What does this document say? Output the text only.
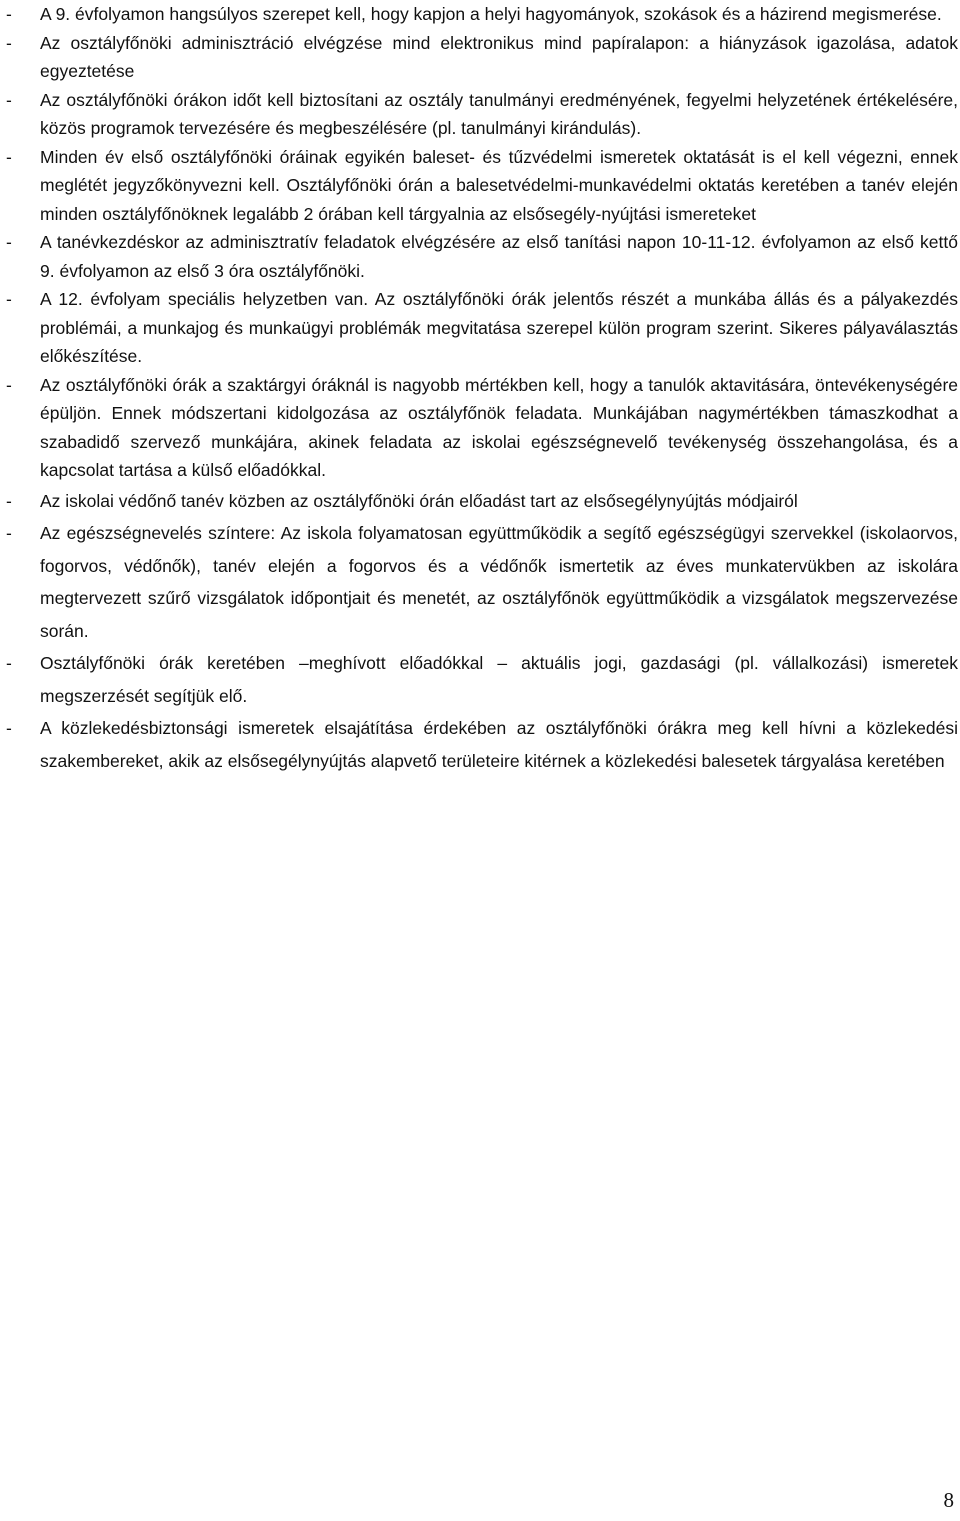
-	A 9. évfolyamon hangsúlyos szerepet kell, hogy kapjon a helyi hagyományok, szokások és a házirend megismerése.
-	Az osztályfőnöki adminisztráció elvégzése mind elektronikus mind papíralapon: a hiányzások igazolása, adatok egyeztetése
-	Az osztályfőnöki órákon időt kell biztosítani az osztály tanulmányi eredményének, fegyelmi helyzetének értékelésére, közös programok tervezésére és megbeszélésére (pl. tanulmányi kirándulás).
-	Minden év első osztályfőnöki óráinak egyikén baleset- és tűzvédelmi ismeretek oktatását is el kell végezni, ennek meglétét jegyzőkönyvezni kell. Osztályfőnöki órán a balesetvédelmi-munkavédelmi oktatás keretében a tanév elején minden osztályfőnöknek legalább 2 órában kell tárgyalnia az elsősegély-nyújtási ismereteket
-	A tanévkezdéskor az adminisztratív feladatok elvégzésére az első tanítási napon 10-11-12. évfolyamon az első kettő 9. évfolyamon az első 3 óra osztályfőnöki.
-	A 12. évfolyam speciális helyzetben van. Az osztályfőnöki órák jelentős részét a munkába állás és a pályakezdés problémái, a munkajog és munkaügyi problémák megvitatása szerepel külön program szerint. Sikeres pályaválasztás előkészítése.
-	Az osztályfőnöki órák a szaktárgyi óráknál is nagyobb mértékben kell, hogy a tanulók aktavitására, öntevékenységére épüljön. Ennek módszertani kidolgozása az osztályfőnök feladata. Munkájában nagymértékben támaszkodhat a szabadidő szervező munkájára, akinek feladata az iskolai egészségnevelő tevékenység összehangolása, és a kapcsolat tartása a külső előadókkal.
-	Az iskolai védőnő tanév közben az osztályfőnöki órán előadást tart az elsősegélynyújtás módjairól
-	Az egészségnevelés színtere: Az iskola folyamatosan együttműködik a segítő egészségügyi szervekkel (iskolaorvos, fogorvos, védőnők), tanév elején a fogorvos és a védőnők ismertetik az éves munkatervükben az iskolára megtervezett szűrő vizsgálatok időpontjait és menetét, az osztályfőnök együttműködik a vizsgálatok megszervezése során.
-	Osztályfőnöki órák keretében –meghívott előadókkal – aktuális jogi, gazdasági (pl. vállalkozási) ismeretek megszerzését segítjük elő.
-	A közlekedésbiztonsági ismeretek elsajátítása érdekében az osztályfőnöki órákra meg kell hívni a közlekedési szakembereket, akik az elsősegélynyújtás alapvető területeire kitérnek a közlekedési balesetek tárgyalása keretében
8
